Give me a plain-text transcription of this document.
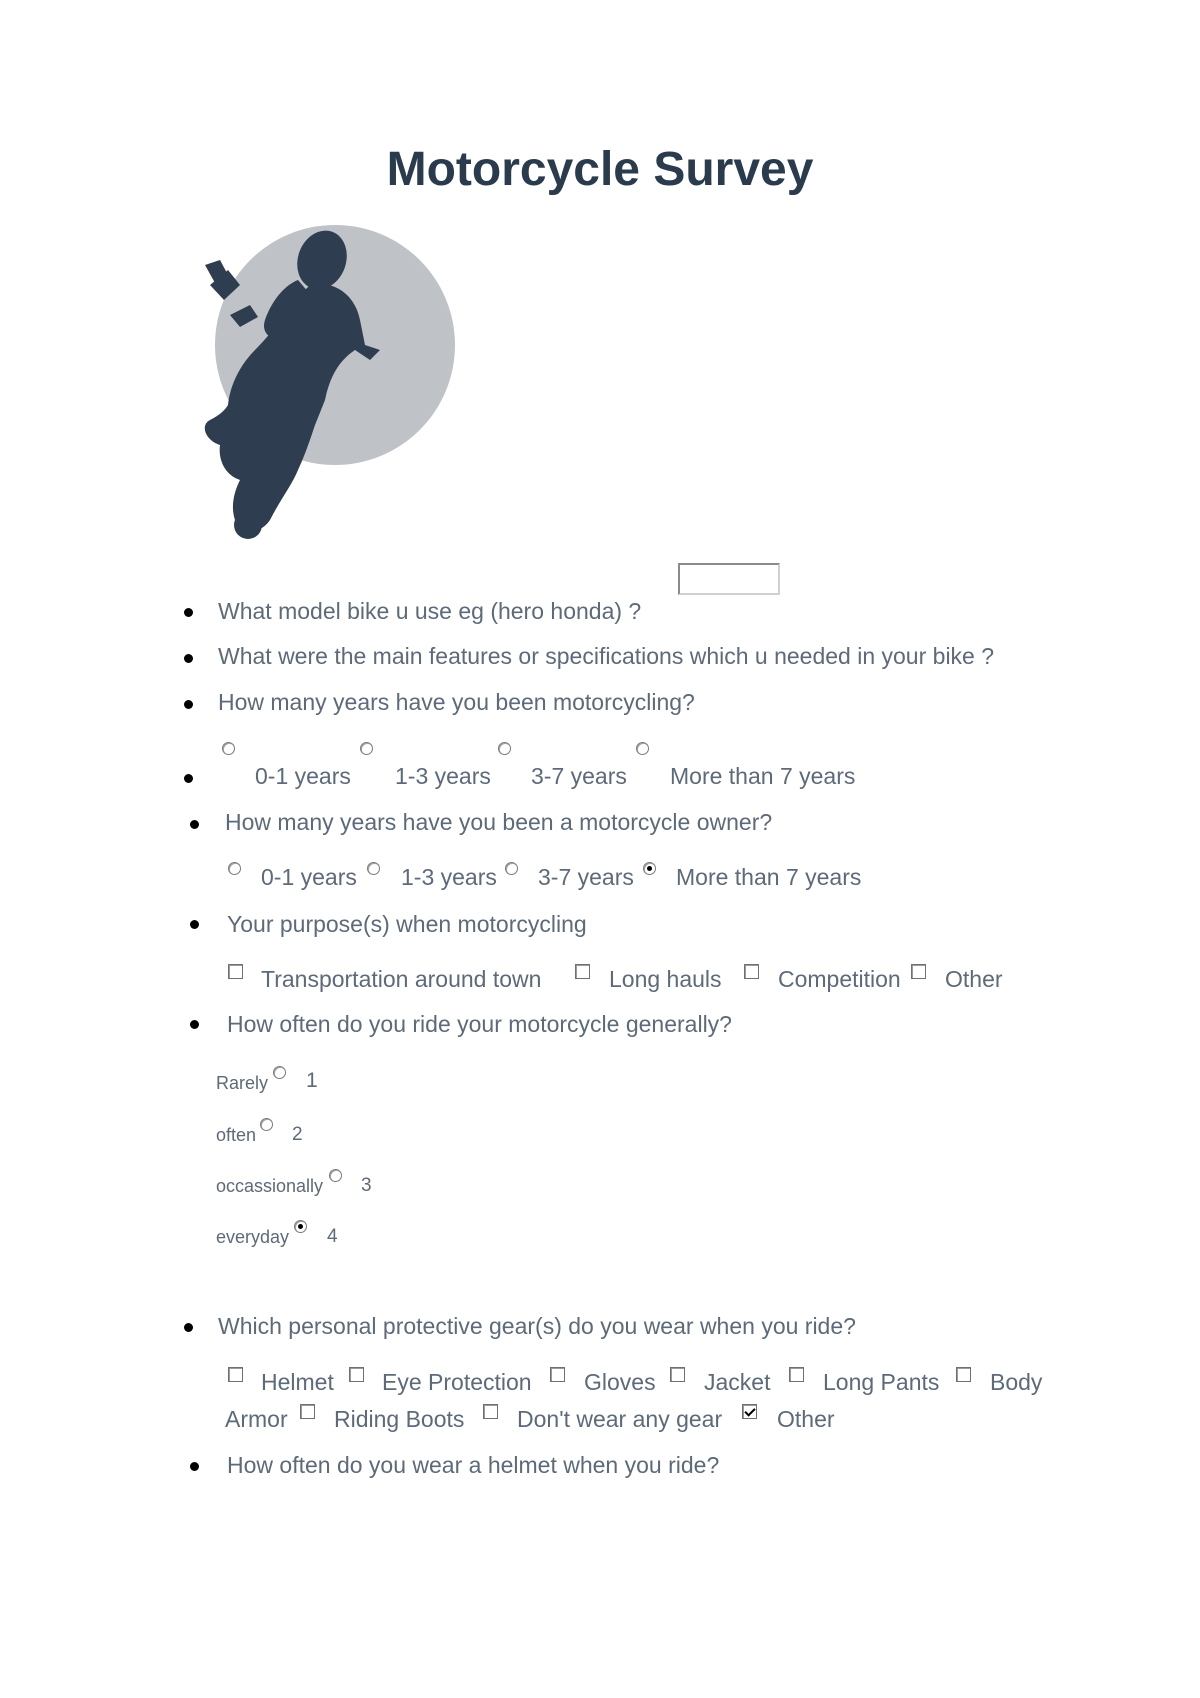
Motorcycle Survey
What model bike u use eg (hero honda) ?
What were the main features or specifications which u needed in your bike ?
How many years have you been motorcycling?
0-1 years 1-3 years 3-7 years More than 7 years
How many years have you been a motorcycle owner?
0-1 years 1-3 years 3-7 years More than 7 years
Your purpose(s) when motorcycling
Transportation around town	Long hauls Competition Other
How often do you ride your motorcycle generally?
Rarely 1
often 2
occassionally 3
everyday 4
Which personal protective gear(s) do you wear when you ride?
Helmet Eye Protection Gloves Jacket Long Pants Body
Armor Riding Boots Don't wear any gear Other
How often do you wear a helmet when you ride?
